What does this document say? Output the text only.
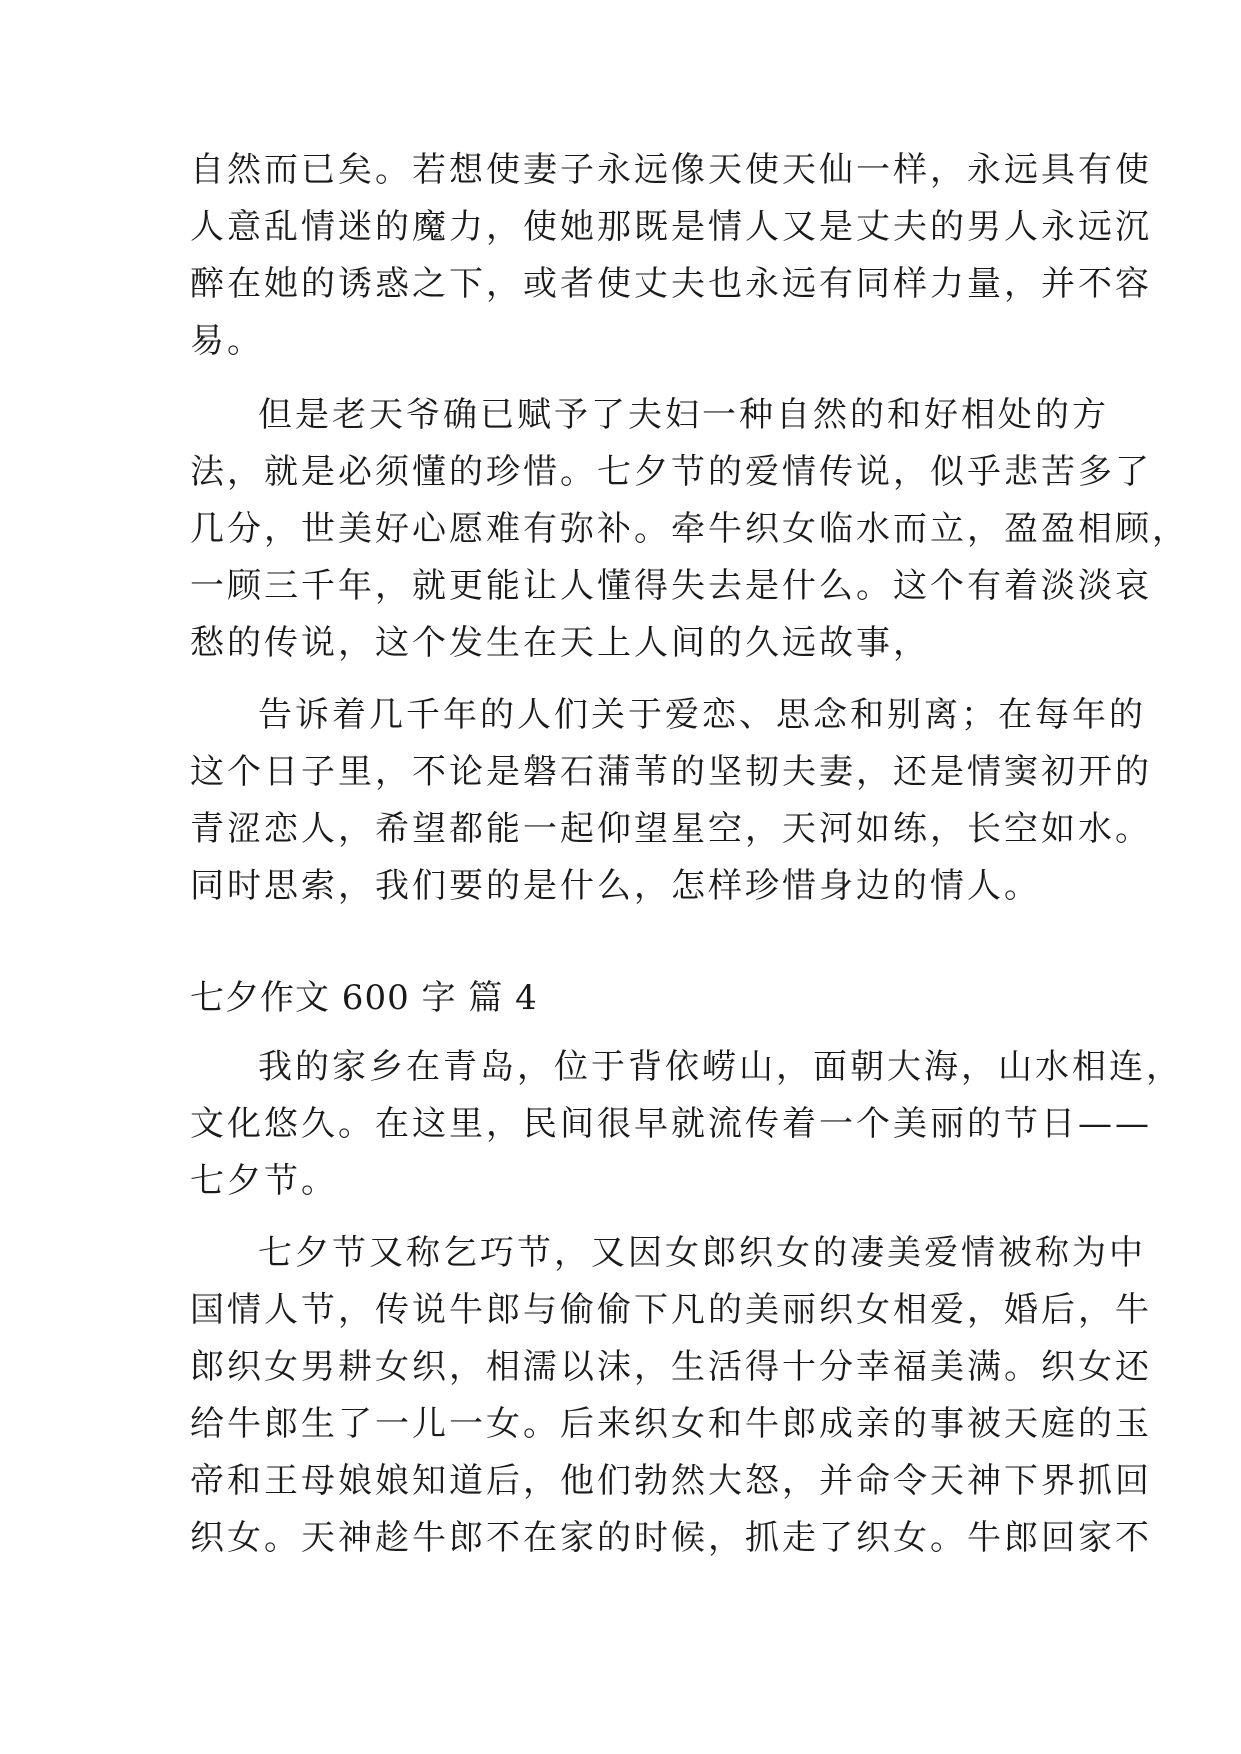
自然而已矣。若想使妻子永远像天使天仙一样，永远具有使
人意乱情迷的魔力，使她那既是情人又是丈夫的男人永远沉
醉在她的诱惑之下，或者使丈夫也永远有同样力量，并不容
易。
但是老天爷确已赋予了夫妇一种自然的和好相处的方
法，就是必须懂的珍惜。七夕节的爱情传说，似乎悲苦多了
几分，世美好心愿难有弥补。牵牛织女临水而立，盈盈相顾，
一顾三千年，就更能让人懂得失去是什么。这个有着淡淡哀
愁的传说，这个发生在天上人间的久远故事，
告诉着几千年的人们关于爱恋、思念和别离；在每年的
这个日子里，不论是磐石蒲苇的坚韧夫妻，还是情窦初开的
青涩恋人，希望都能一起仰望星空，天河如练，长空如水。
同时思索，我们要的是什么，怎样珍惜身边的情人。
七夕作文 600 字 篇 4
我的家乡在青岛，位于背依崂山，面朝大海，山水相连，
文化悠久。在这里，民间很早就流传着一个美丽的节日——
七夕节。
七夕节又称乞巧节，又因女郎织女的凄美爱情被称为中
国情人节，传说牛郎与偷偷下凡的美丽织女相爱，婚后，牛
郎织女男耕女织，相濡以沫，生活得十分幸福美满。织女还
给牛郎生了一儿一女。后来织女和牛郎成亲的事被天庭的玉
帝和王母娘娘知道后，他们勃然大怒，并命令天神下界抓回
织女。天神趁牛郎不在家的时候，抓走了织女。牛郎回家不
